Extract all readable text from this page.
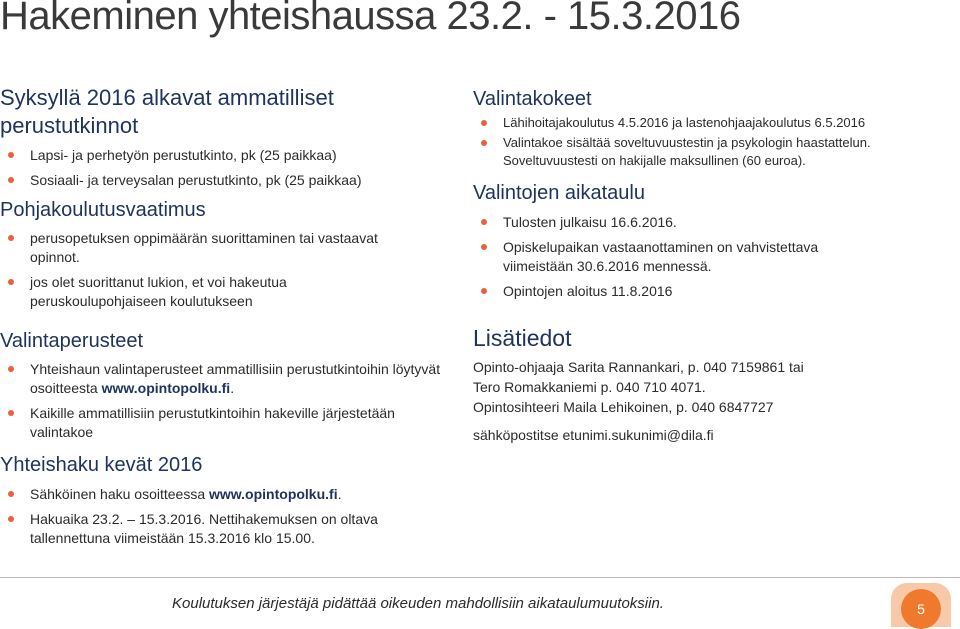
Hakeminen yhteishaussa 23.2. - 15.3.2016
Syksyllä 2016 alkavat ammatilliset perustutkinnot
Lapsi- ja perhetyön perustutkinto, pk (25 paikkaa)
Sosiaali- ja terveysalan perustutkinto, pk (25 paikkaa)
Pohjakoulutusvaatimus
perusopetuksen oppimäärän suorittaminen tai vastaavat opinnot.
jos olet suorittanut lukion, et voi hakeutua peruskoulupohjaiseen koulutukseen
Valintaperusteet
Yhteishaun valintaperusteet ammatillisiin perustutkintoihin löytyvät osoitteesta www.opintopolku.fi.
Kaikille ammatillisiin perustutkintoihin hakeville järjestetään valintakoe
Yhteishaku kevät 2016
Sähköinen haku osoitteessa www.opintopolku.fi.
Hakuaika 23.2. – 15.3.2016. Nettihakemuksen on oltava tallennettuna viimeistään 15.3.2016 klo 15.00.
Valintakokeet
Lähihoitajakoulutus 4.5.2016 ja lastenohjaajakoulutus 6.5.2016
Valintakoe sisältää soveltuvuustestin ja psykologin haastattelun. Soveltuvuustesti on hakijalle maksullinen (60 euroa).
Valintojen aikataulu
Tulosten julkaisu 16.6.2016.
Opiskelupaikan vastaanottaminen on vahvistettava viimeistään 30.6.2016 mennessä.
Opintojen aloitus 11.8.2016
Lisätiedot

Opinto-ohjaaja Sarita Rannankari, p. 040 7159861 tai

Tero Romakkaniemi p. 040 710 4071.

Opintosihteeri Maila Lehikoinen, p. 040 6847727

sähköpostitse etunimi.sukunimi@dila.fi

Koulutuksen järjestäjä pidättää oikeuden mahdollisiin aikataulumuutoksiin.	5
